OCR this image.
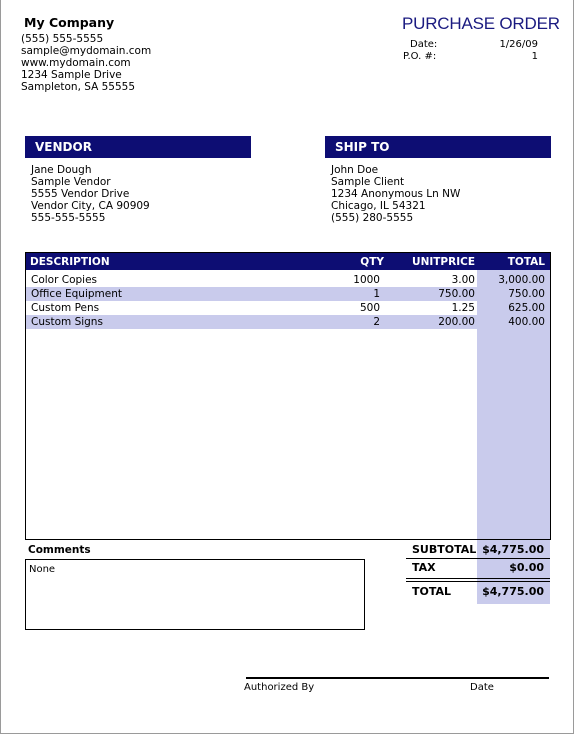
My Company
(555) 555-5555
sample@mydomain.com
www.mydomain.com
1234 Sample Drive
Sampleton, SA 55555
PURCHASE ORDER
Date:	1/26/09
P.O. #:	1
VENDOR
Jane Dough
Sample Vendor
5555 Vendor Drive
Vendor City, CA 90909
555-555-5555
SHIP TO
John Doe
Sample Client
1234 Anonymous Ln NW
Chicago, IL 54321
(555) 280-5555
DESCRIPTION	QTY	UNITPRICE	TOTAL
Color Copies	1000	3.00	3,000.00
Office Equipment	1	750.00	750.00
Custom Pens	500	1.25	625.00
Custom Signs	2	200.00	400.00
Comments
None
SUBTOTAL $4,775.00
TAX	$0.00
TOTAL	$4,775.00
Authorized By	Date
